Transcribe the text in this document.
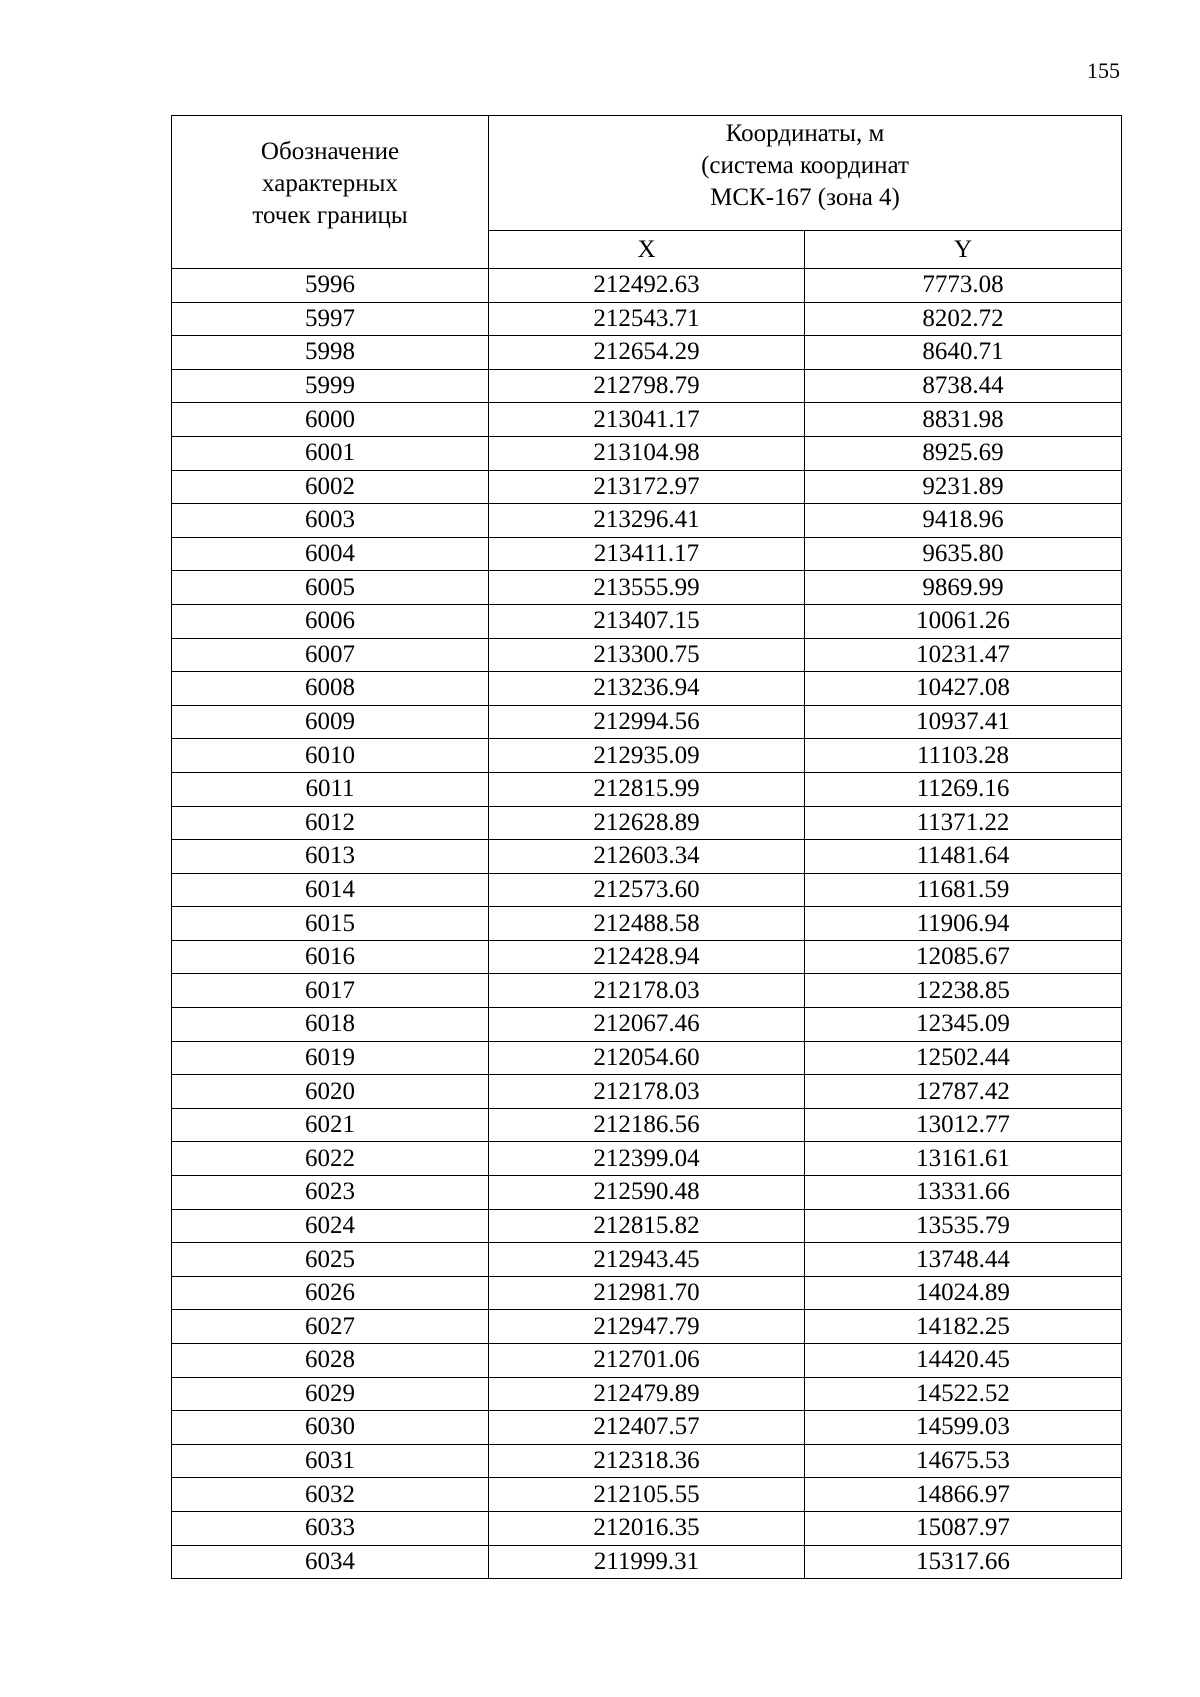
155
Обозначение
характерных
точек границы	Координаты, м
(система координат
МСК-167 (зона 4)	

	X	Y
5996	212492.63	7773.08
5997	212543.71	8202.72
5998	212654.29	8640.71
5999	212798.79	8738.44
6000	213041.17	8831.98
6001	213104.98	8925.69
6002	213172.97	9231.89
6003	213296.41	9418.96
6004	213411.17	9635.80
6005	213555.99	9869.99
6006	213407.15	10061.26
6007	213300.75	10231.47
6008	213236.94	10427.08
6009	212994.56	10937.41
6010	212935.09	11103.28
6011	212815.99	11269.16
6012	212628.89	11371.22
6013	212603.34	11481.64
6014	212573.60	11681.59
6015	212488.58	11906.94
6016	212428.94	12085.67
6017	212178.03	12238.85
6018	212067.46	12345.09
6019	212054.60	12502.44
6020	212178.03	12787.42
6021	212186.56	13012.77
6022	212399.04	13161.61
6023	212590.48	13331.66
6024	212815.82	13535.79
6025	212943.45	13748.44
6026	212981.70	14024.89
6027	212947.79	14182.25
6028	212701.06	14420.45
6029	212479.89	14522.52
6030	212407.57	14599.03
6031	212318.36	14675.53
6032	212105.55	14866.97
6033	212016.35	15087.97
6034	211999.31	15317.66
